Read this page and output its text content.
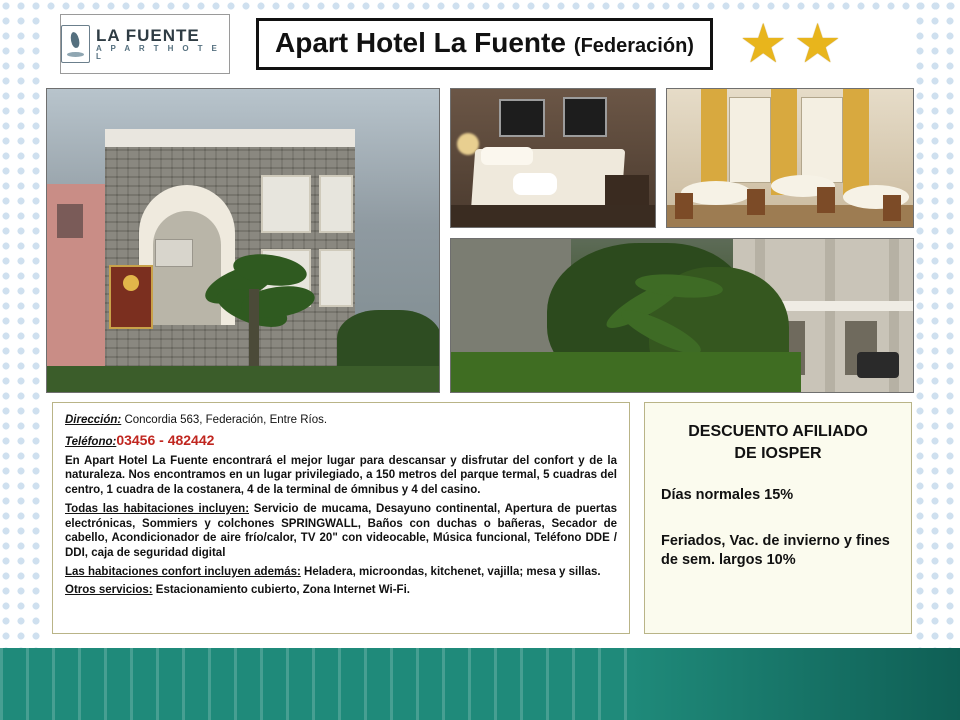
LA FUENTE
A P A R T H O T E L	Apart Hotel La Fuente (Federación) ★ ★

Dirección: Concordia 563, Federación, Entre Ríos.

Teléfono:03456 - 482442

En Apart Hotel La Fuente encontrará el mejor lugar para descansar y disfrutar del confort y de la naturaleza. Nos encontramos en un lugar privilegiado, a 150 metros del parque termal, 5 cuadras del centro, 1 cuadra de la costanera, 4 de la terminal de ómnibus y 4 del casino.

Todas las habitaciones incluyen: Servicio de mucama, Desayuno continental, Apertura de puertas electrónicas, Sommiers y colchones SPRINGWALL, Baños con duchas o bañeras, Secador de cabello, Acondicionador de aire frío/calor, TV 20" con videocable, Música funcional, Teléfono DDE / DDI, caja de seguridad digital

Las habitaciones confort incluyen además: Heladera, microondas, kitchenet, vajilla; mesa y sillas.

Otros servicios: Estacionamiento cubierto, Zona Internet Wi-Fi.

DESCUENTO AFILIADO
DE IOSPER
Días normales 15%
Feriados, Vac. de invierno y fines de sem. largos 10%
